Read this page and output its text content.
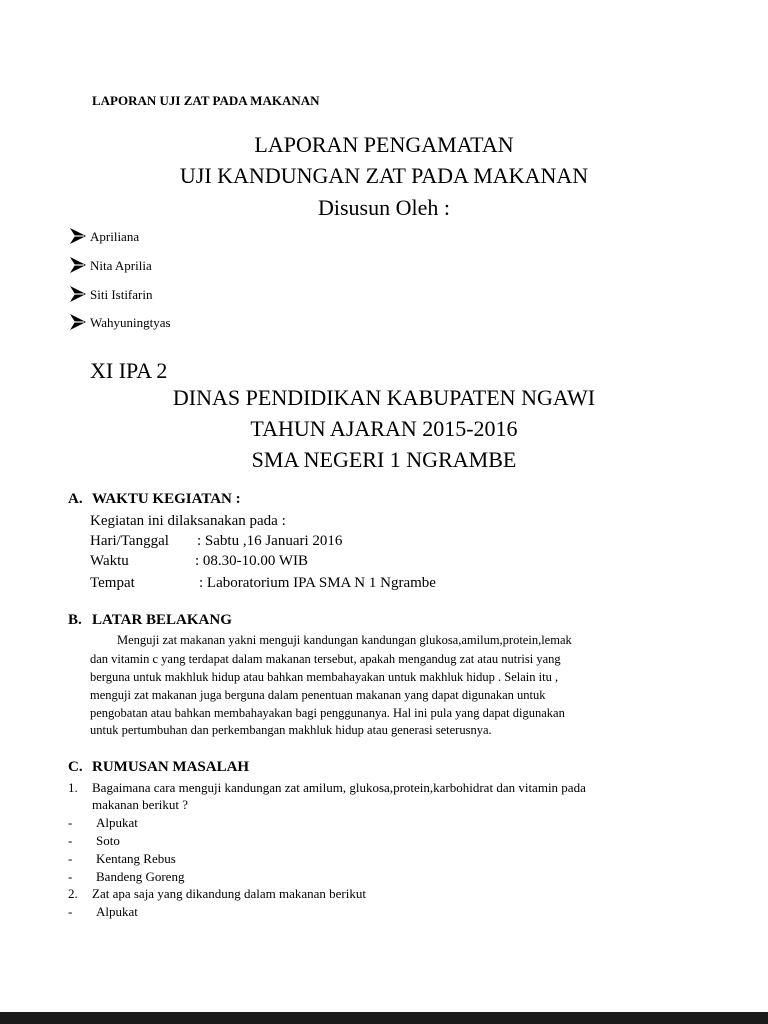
LAPORAN UJI ZAT PADA MAKANAN
LAPORAN PENGAMATAN
UJI KANDUNGAN ZAT PADA MAKANAN
Disusun Oleh :
Apriliana
Nita Aprilia
Siti Istifarin
Wahyuningtyas
XI IPA 2
DINAS PENDIDIKAN KABUPATEN NGAWI
TAHUN AJARAN 2015-2016
SMA NEGERI 1 NGRAMBE
A. WAKTU KEGIATAN :
Kegiatan ini dilaksanakan pada :
Hari/Tanggal : Sabtu ,16 Januari 2016
Waktu	: 08.30-10.00 WIB
Tempat	: Laboratorium IPA SMA N 1 Ngrambe
B. LATAR BELAKANG
Menguji zat makanan yakni menguji kandungan kandungan glukosa,amilum,protein,lemak
dan vitamin c yang terdapat dalam makanan tersebut, apakah mengandug zat atau nutrisi yang
berguna untuk makhluk hidup atau bahkan membahayakan untuk makhluk hidup . Selain itu ,
menguji zat makanan juga berguna dalam penentuan makanan yang dapat digunakan untuk
pengobatan atau bahkan membahayakan bagi penggunanya. Hal ini pula yang dapat digunakan
untuk pertumbuhan dan perkembangan makhluk hidup atau generasi seterusnya.
C. RUMUSAN MASALAH
1. Bagaimana cara menguji kandungan zat amilum, glukosa,protein,karbohidrat dan vitamin pada
makanan berikut ?
- Alpukat
- Soto
- Kentang Rebus
- Bandeng Goreng
2. Zat apa saja yang dikandung dalam makanan berikut
- Alpukat
